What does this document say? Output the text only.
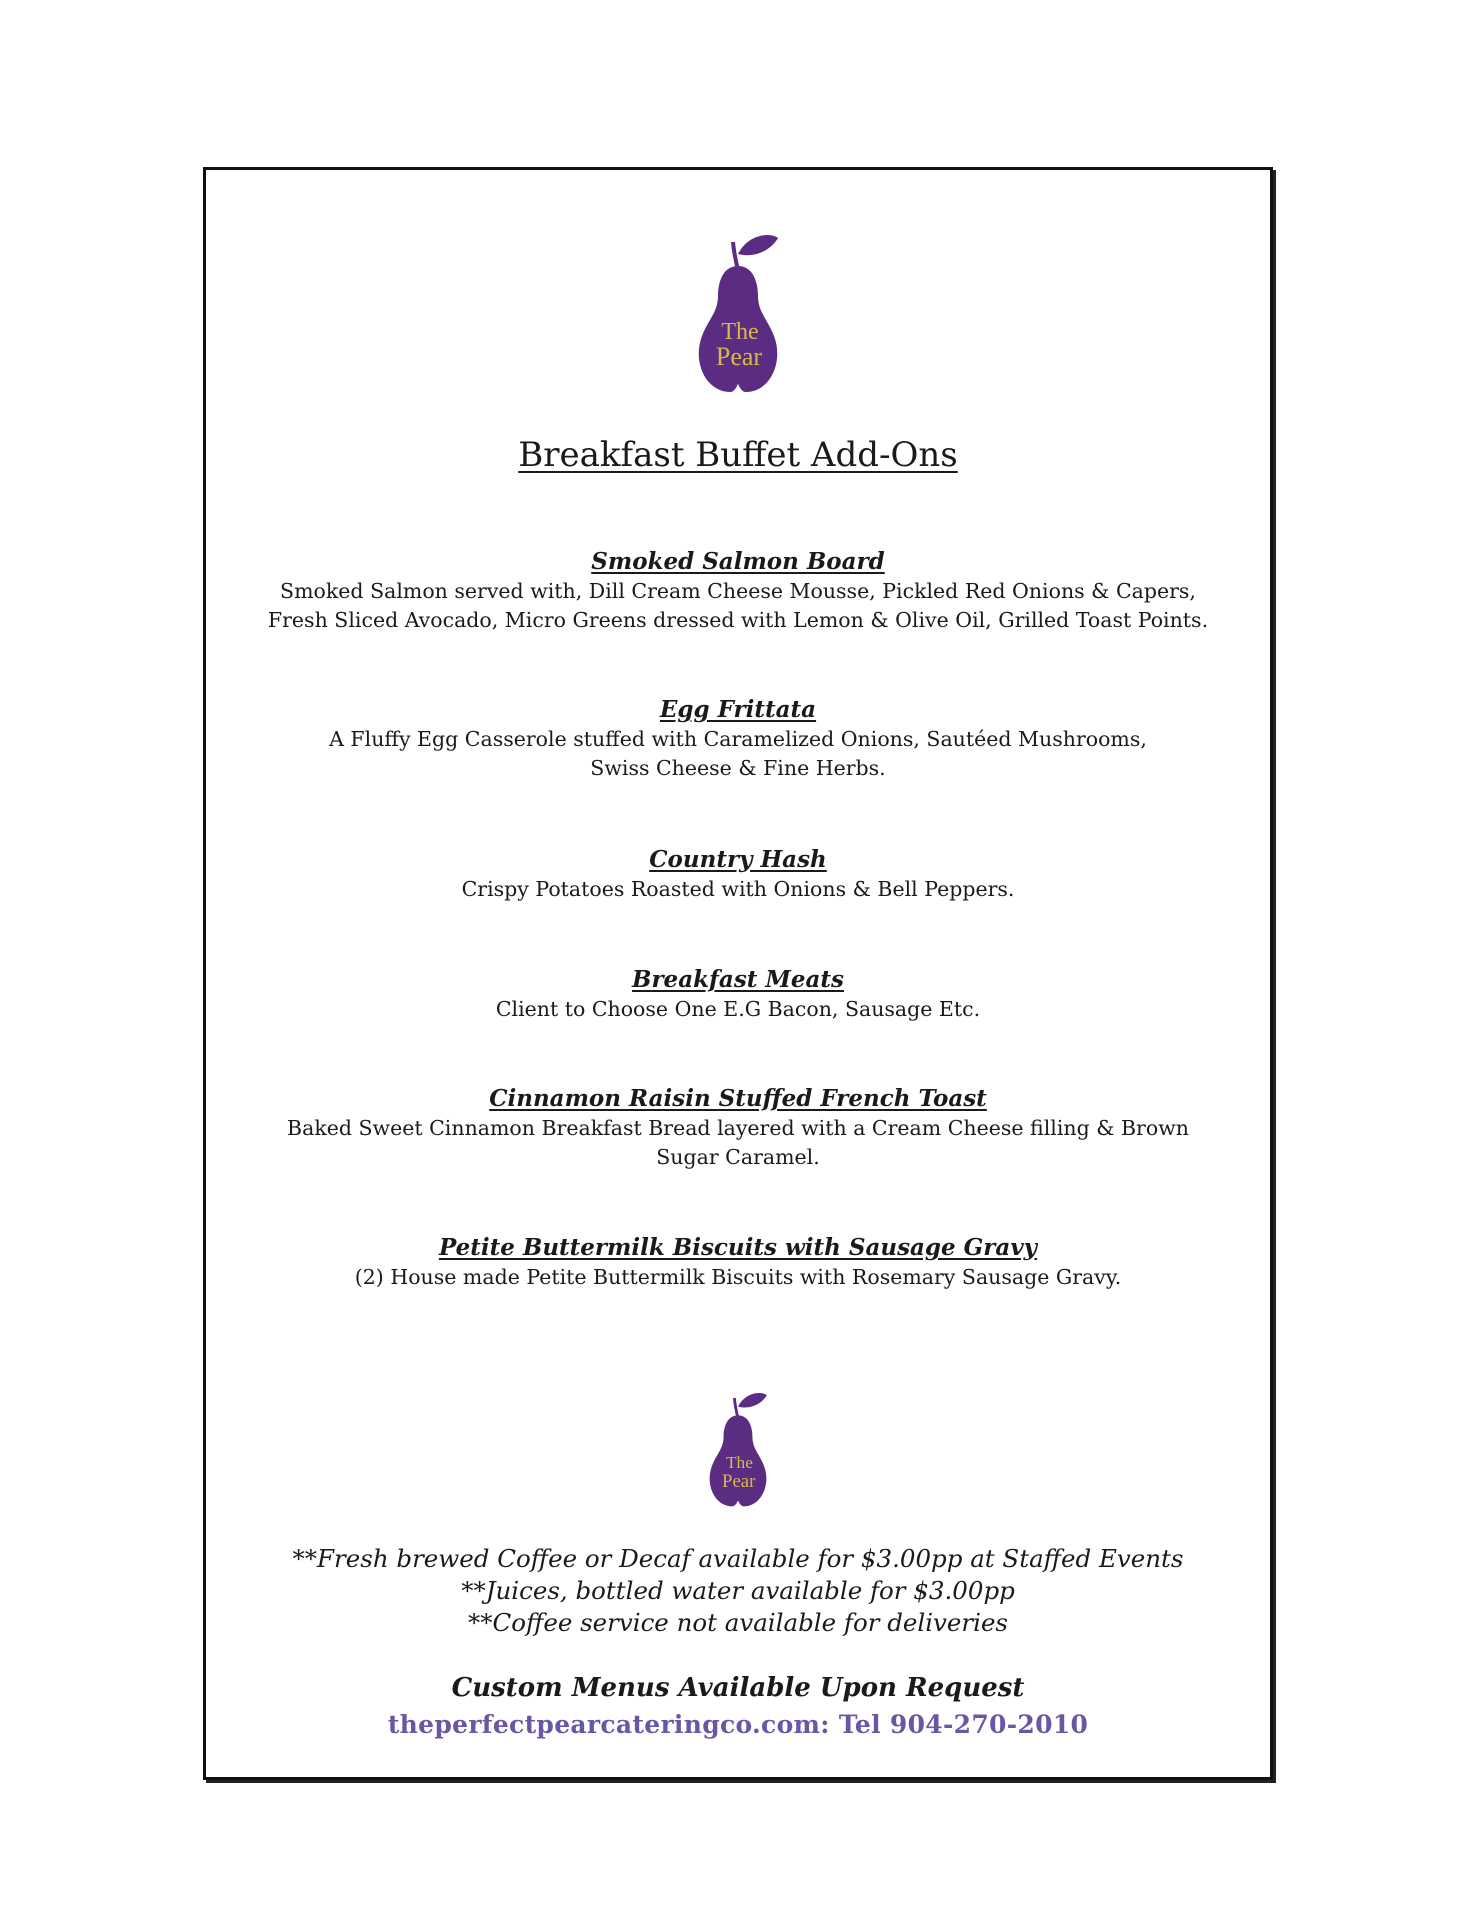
The
Pear
Breakfast Buffet Add-Ons
Smoked Salmon Board
Smoked Salmon served with, Dill Cream Cheese Mousse, Pickled Red Onions & Capers,
Fresh Sliced Avocado, Micro Greens dressed with Lemon & Olive Oil, Grilled Toast Points.
Egg Frittata
A Fluffy Egg Casserole stuffed with Caramelized Onions, Sautéed Mushrooms,
Swiss Cheese & Fine Herbs.
Country Hash
Crispy Potatoes Roasted with Onions & Bell Peppers.
Breakfast Meats
Client to Choose One E.G Bacon, Sausage Etc.
Cinnamon Raisin Stuffed French Toast
Baked Sweet Cinnamon Breakfast Bread layered with a Cream Cheese filling & Brown
Sugar Caramel.
Petite Buttermilk Biscuits with Sausage Gravy
(2) House made Petite Buttermilk Biscuits with Rosemary Sausage Gravy.
The
Pear
**Fresh brewed Coffee or Decaf available for $3.00pp at Staffed Events
**Juices, bottled water available for $3.00pp
**Coffee service not available for deliveries
Custom Menus Available Upon Request
theperfectpearcateringco.com: Tel 904-270-2010
